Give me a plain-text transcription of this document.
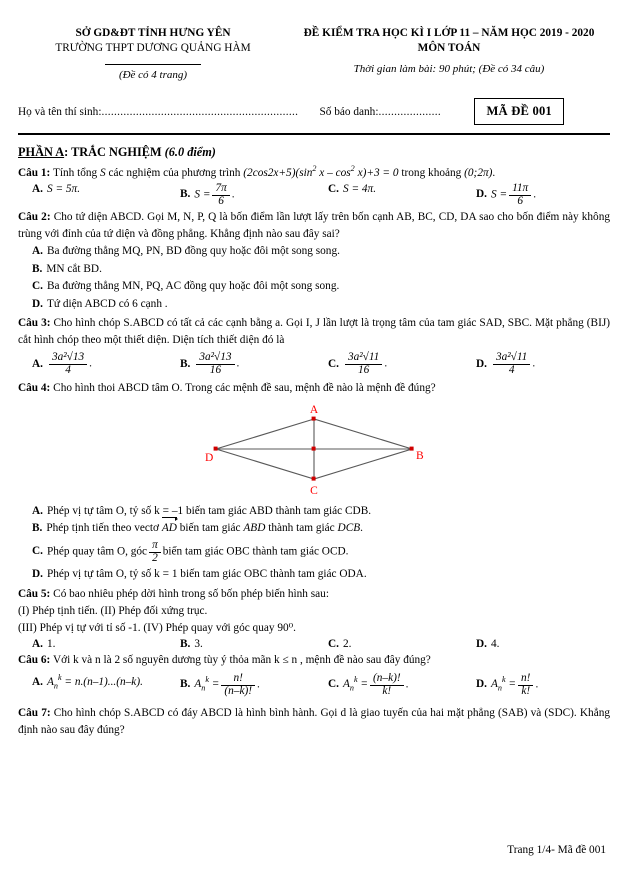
SỞ GD&ĐT TỈNH HƯNG YÊN
TRƯỜNG THPT DƯƠNG QUẢNG HÀM
(Đề có 4 trang)
ĐỀ KIỂM TRA HỌC KÌ I LỚP 11 – NĂM HỌC 2019 - 2020
MÔN TOÁN
Thời gian làm bài: 90 phút; (Đề có 34 câu)
Họ và tên thí sinh: ...............................................................	Số báo danh: ....................	MÃ ĐỀ 001
PHẦN A: TRẮC NGHIỆM (6.0 điểm)
Câu 1: Tính tổng S các nghiệm của phương trình $(2\cos 2x+5)(\sin^2$ $x - \cos^2 x)+3 = 0$ trong khoảng (0;2π).
A. S = 5π.	B. $S = \frac{7\pi}{6}$ .	C. S = 4π.	D. $S = \frac{11\pi}{6}$ .
Câu 2: Cho tứ diện ABCD. Gọi M, N, P, Q là bốn điểm lần lượt lấy trên bốn cạnh AB, BC, CD, DA sao cho bốn điểm này không trùng với đỉnh của tứ diện và đồng phẳng. Khẳng định nào sau đây sai?
A. Ba đường thẳng MQ, PN, BD đồng quy hoặc đôi một song song.
B. MN cắt BD.
C. Ba đường thẳng MN, PQ, AC đồng quy hoặc đôi một song song.
D. Tứ diện ABCD có 6 cạnh .
Câu 3: Cho hình chóp S.ABCD có tất cả các cạnh bằng a. Gọi I, J lần lượt là trọng tâm của tam giác SAD, SBC. Mặt phẳng (BIJ) cắt hình chóp theo một thiết diện. Diện tích thiết diện đó là
A. $\frac{\text{3a²√13}}{4}$ .	B. $\frac{\text{3a²√13}}{16}$ .	C. $\frac{\text{3a²√11}}{16}$ .	D. $\frac{\text{3a²√11}}{4}$ .
Câu 4: Cho hình thoi ABCD tâm O. Trong các mệnh đề sau, mệnh đề nào là mệnh đề đúng?
A
D	B
C
A. Phép vị tự tâm O, tỷ số k = –1 biến tam giác ABD thành tam giác CDB.
B. Phép tịnh tiến theo vectơ AD biến tam giác ABD thành tam giác DCB.
C. Phép quay tâm O, góc $\frac{\pi}{2}$ biến tam giác OBC thành tam giác OCD.
D. Phép vị tự tâm O, tỷ số k = 1 biến tam giác OBC thành tam giác ODA.
Câu 5: Có bao nhiêu phép dời hình trong số bốn phép biến hình sau:
(I) Phép tịnh tiến. (II) Phép đối xứng trục.
(III) Phép vị tự với tỉ số -1. (IV) Phép quay với góc quay 90⁰.
A. 1.	B. 3.	C. 2.	D. 4.
Câu 6: Với k và n là 2 số nguyên dương tùy ý thỏa mãn k ≤ n , mệnh đề nào sau đây đúng?
A. $A_n^k = n.(n-1)...(n-k)$.	B. $A_n^k = \frac{n!}{(n-k)!}$ .	C. $A_n^k = \frac{(n-k)!}{k!}$ .	D. $A_n^k = \frac{n!}{k!}$ .
Câu 7: Cho hình chóp S.ABCD có đáy ABCD là hình bình hành. Gọi d là giao tuyến của hai mặt phẳng (SAB) và (SDC). Khẳng định nào sau đây đúng?
Trang 1/4- Mã đề 001
